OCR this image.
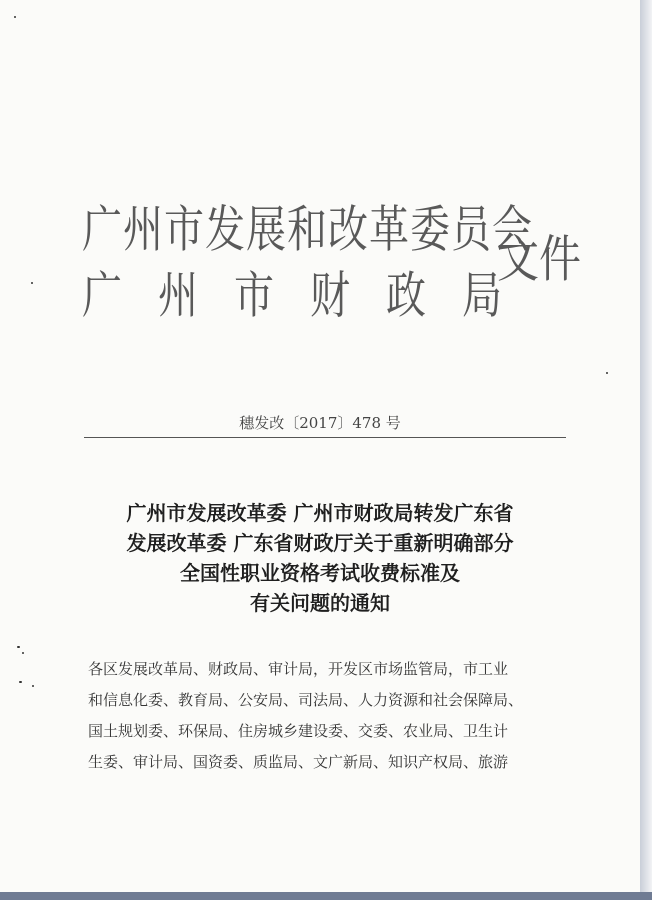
广州市发展和改革委员会
广州市财政局
文件
穗发改〔2017〕478 号
广州市发展改革委 广州市财政局转发广东省
发展改革委 广东省财政厅关于重新明确部分
全国性职业资格考试收费标准及
有关问题的通知
各区发展改革局、财政局、审计局，开发区市场监管局，市工业
和信息化委、教育局、公安局、司法局、人力资源和社会保障局、
国土规划委、环保局、住房城乡建设委、交委、农业局、卫生计
生委、审计局、国资委、质监局、文广新局、知识产权局、旅游
